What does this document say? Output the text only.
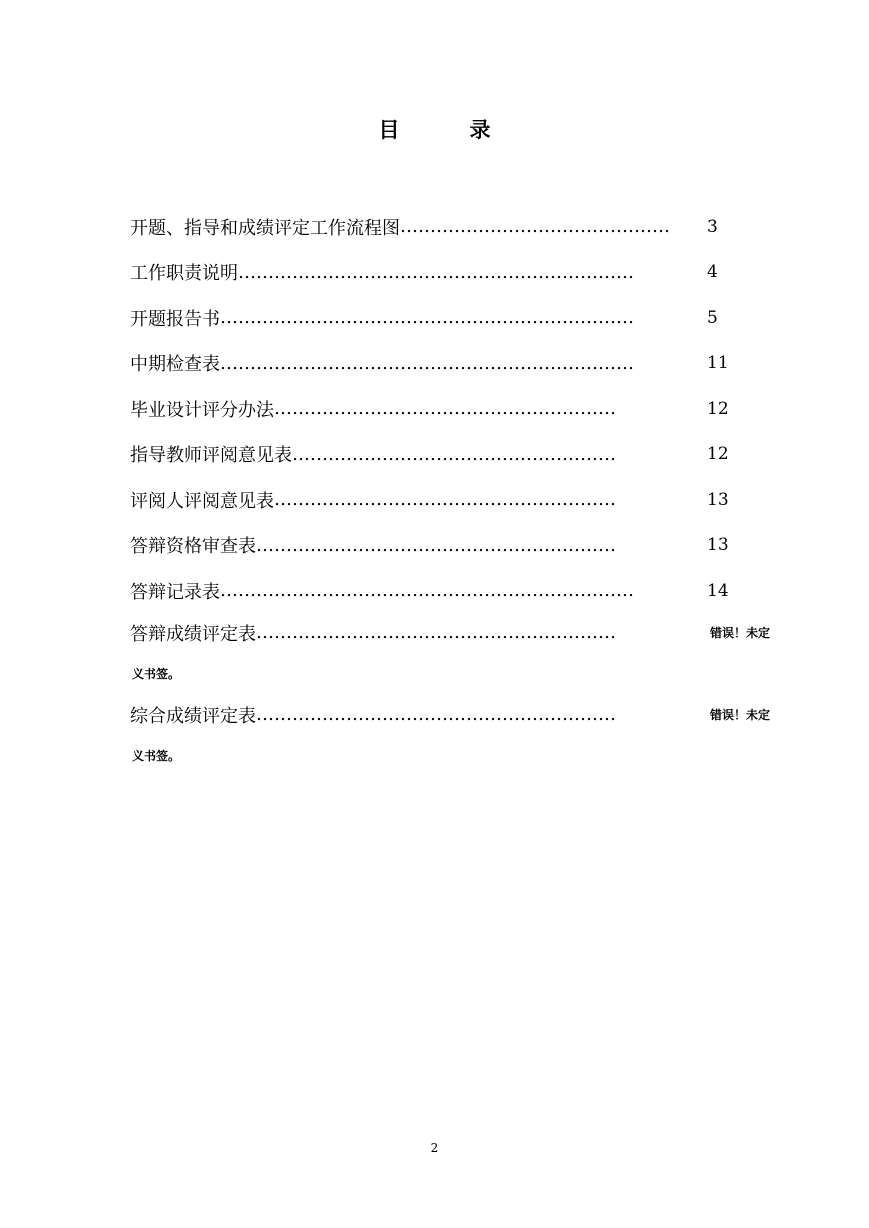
目	录
开题、指导和成绩评定工作流程图 ………………………………………	3
工作职责说明 …………………………………………………………	4
开题报告书 ……………………………………………………………	5
中期检查表 ……………………………………………………………	11
毕业设计评分办法 …………………………………………………	12
指导教师评阅意见表 ………………………………………………	12
评阅人评阅意见表 …………………………………………………	13
答辩资格审查表 ……………………………………………………	13
答辩记录表 ……………………………………………………………	14
答辩成绩评定表 ……………………………………………………	错误！未定
义书签。
综合成绩评定表 ……………………………………………………	错误！未定
义书签。
2
